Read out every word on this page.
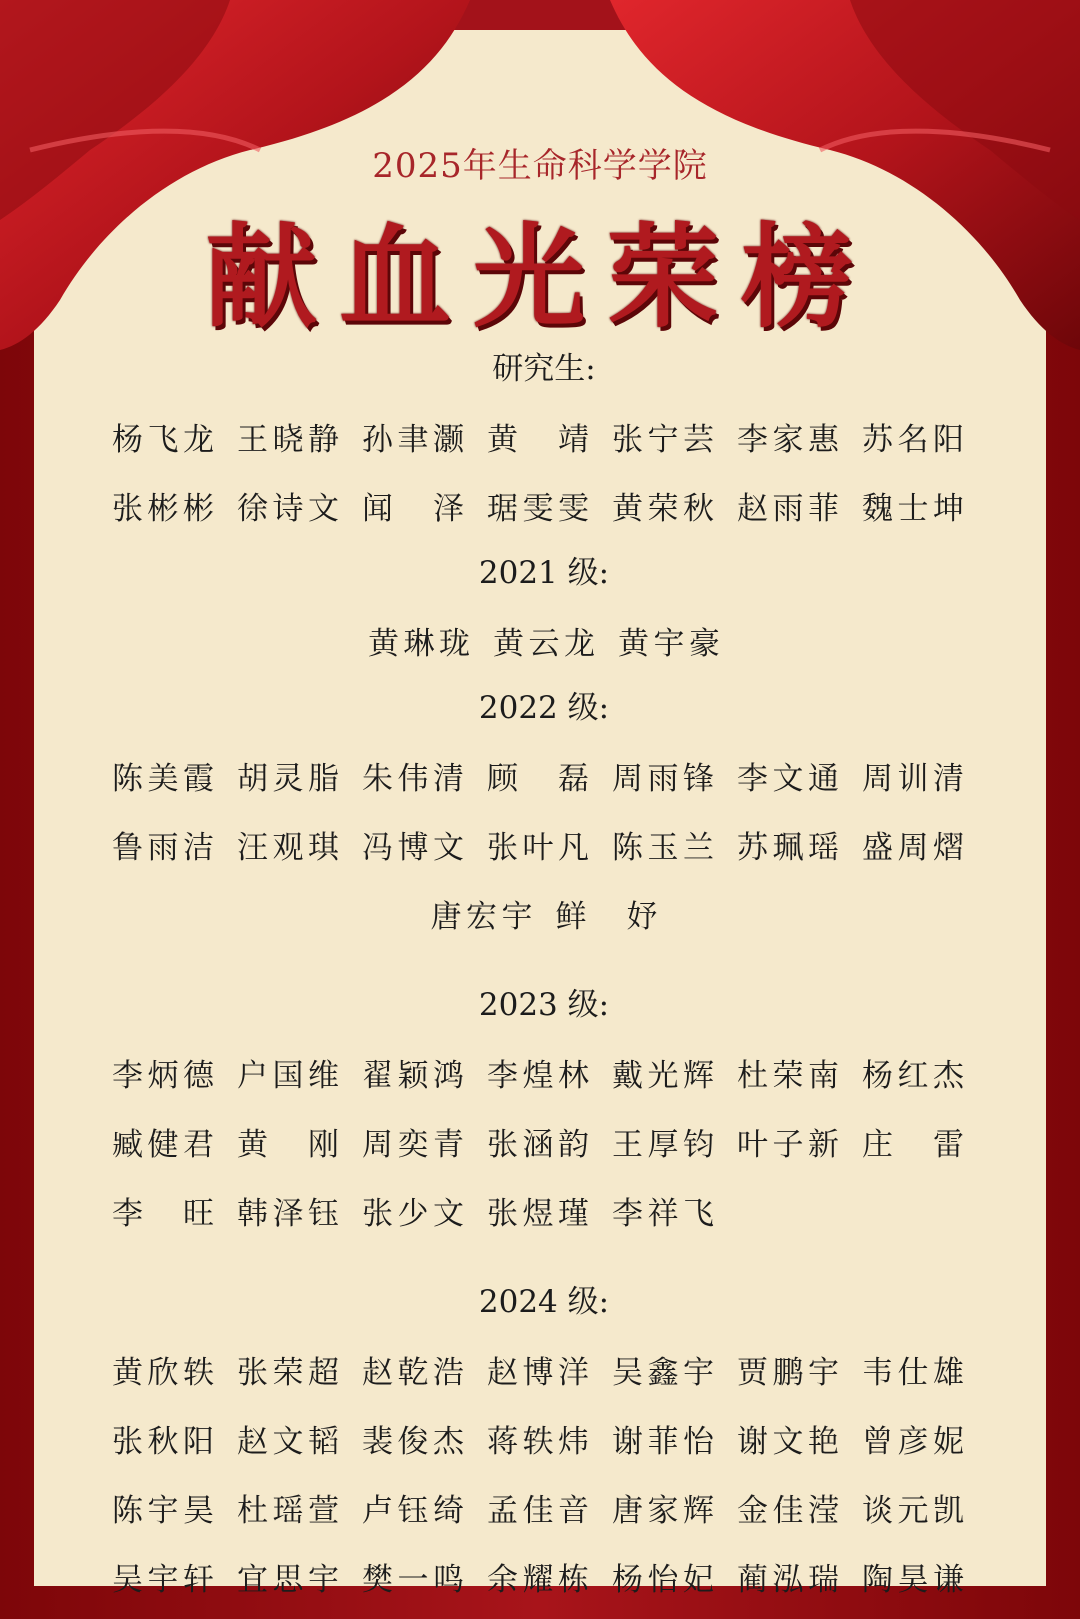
2025年生命科学学院
献血光荣榜
研究生:
杨 飞 龙 王 晓 静 孙 聿 灏 黄 靖 张 宁 芸 李 家 惠 苏 名 阳
张 彬 彬 徐 诗 文 闻 泽 琚 雯 雯 黄 荣 秋 赵 雨 菲 魏 士 坤
2021 级:
黄 琳 珑 黄 云 龙 黄 宇 豪
2022 级:
陈 美 霞 胡 灵 脂 朱 伟 清 顾 磊 周 雨 锋 李 文 通 周 训 清
鲁 雨 洁 汪 观 琪 冯 博 文 张 叶 凡 陈 玉 兰 苏 珮 瑶 盛 周 熠
唐 宏 宇 鲜 妤
2023 级:
李 炳 德 户 国 维 翟 颖 鸿 李 煌 林 戴 光 辉 杜 荣 南 杨 红 杰
臧 健 君 黄 刚 周 奕 青 张 涵 韵 王 厚 钧 叶 子 新 庄 雷
李 旺 韩 泽 钰 张 少 文 张 煜 瑾 李 祥 飞
2024 级:
黄 欣 轶 张 荣 超 赵 乾 浩 赵 博 洋 吴 鑫 宇 贾 鹏 宇 韦 仕 雄
张 秋 阳 赵 文 韬 裴 俊 杰 蒋 轶 炜 谢 菲 怡 谢 文 艳 曾 彦 妮
陈 宇 昊 杜 瑶 萱 卢 钰 绮 孟 佳 音 唐 家 辉 金 佳 滢 谈 元 凯
吴 宇 轩 宜 思 宇 樊 一 鸣 余 耀 栋 杨 怡 妃 蔺 泓 瑞 陶 昊 谦
